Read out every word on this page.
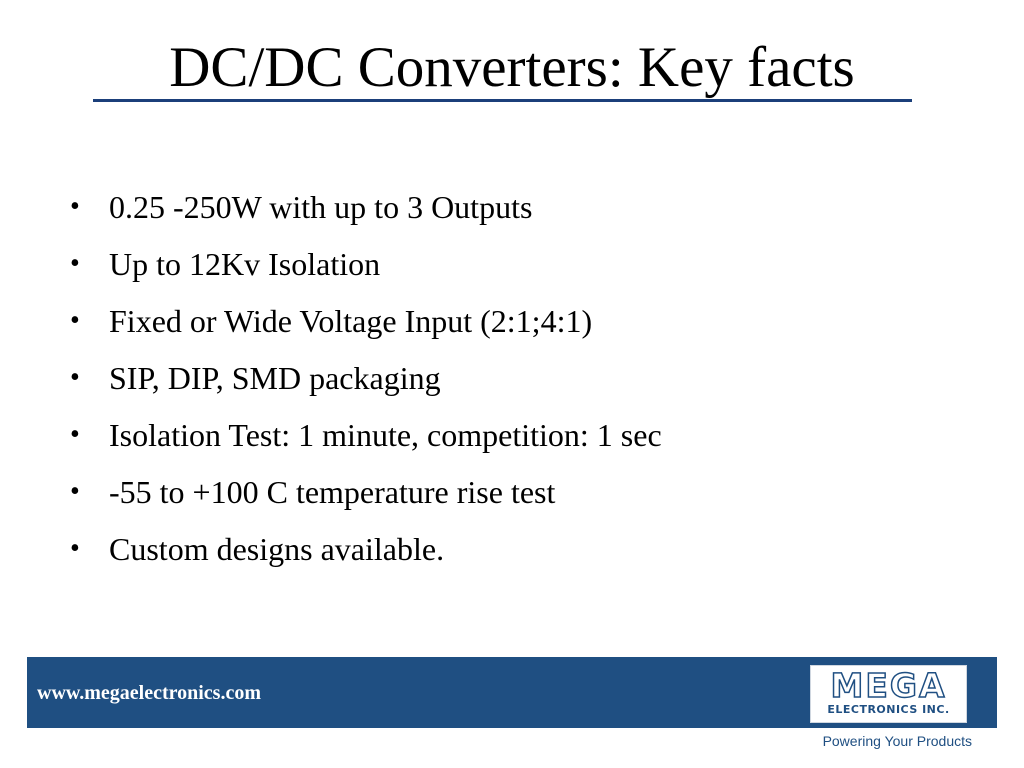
DC/DC Converters: Key facts
• 0.25 -250W with up to 3 Outputs
• Up to 12Kv Isolation
• Fixed or Wide Voltage Input (2:1;4:1)
• SIP, DIP, SMD packaging
• Isolation Test: 1 minute, competition: 1 sec
• -55 to +100 C temperature rise test
• Custom designs available.
www.megaelectronics.com	MEGA
ELECTRONICS INC.
Powering Your Products
